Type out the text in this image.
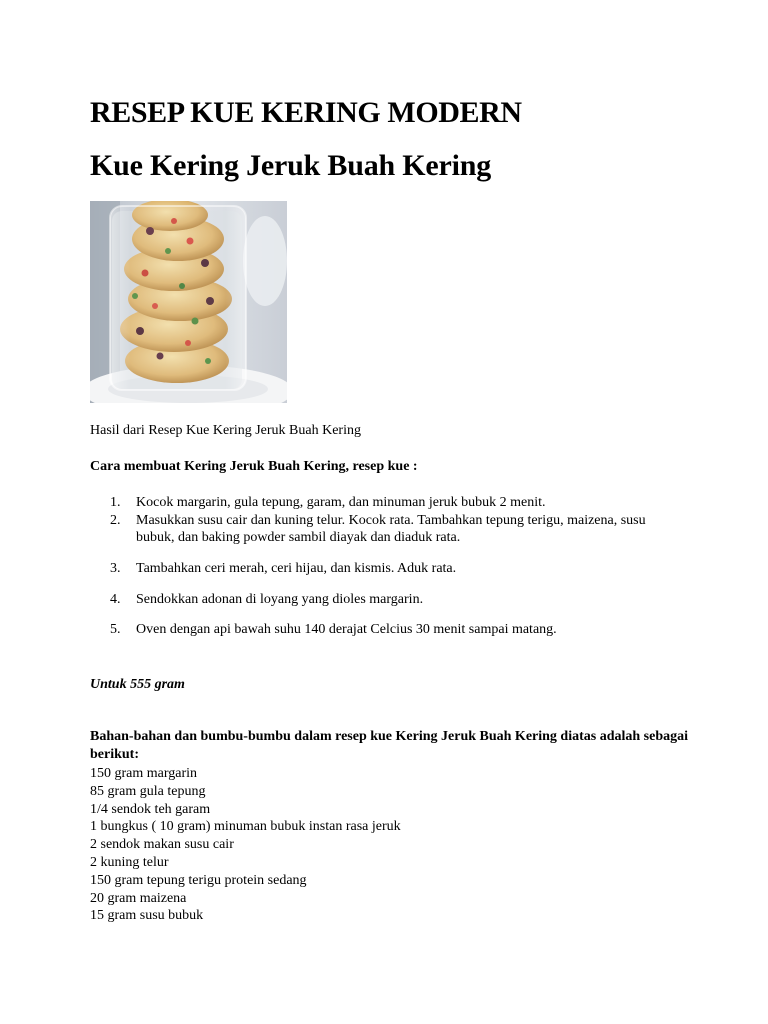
RESEP KUE KERING MODERN
Kue Kering Jeruk Buah Kering
Hasil dari Resep Kue Kering Jeruk Buah Kering
Cara membuat Kering Jeruk Buah Kering, resep kue :
1.	Kocok margarin, gula tepung, garam, dan minuman jeruk bubuk 2 menit.
2.	Masukkan susu cair dan kuning telur. Kocok rata. Tambahkan tepung terigu, maizena, susu bubuk, dan baking powder sambil diayak dan diaduk rata.
3.	Tambahkan ceri merah, ceri hijau, dan kismis. Aduk rata.
4.	Sendokkan adonan di loyang yang dioles margarin.
5.	Oven dengan api bawah suhu 140 derajat Celcius 30 menit sampai matang.
Untuk 555 gram
Bahan-bahan dan bumbu-bumbu dalam resep kue Kering Jeruk Buah Kering diatas adalah sebagai berikut:
150 gram margarin
85 gram gula tepung
1/4 sendok teh garam
1 bungkus ( 10 gram) minuman bubuk instan rasa jeruk
2 sendok makan susu cair
2 kuning telur
150 gram tepung terigu protein sedang
20 gram maizena
15 gram susu bubuk
